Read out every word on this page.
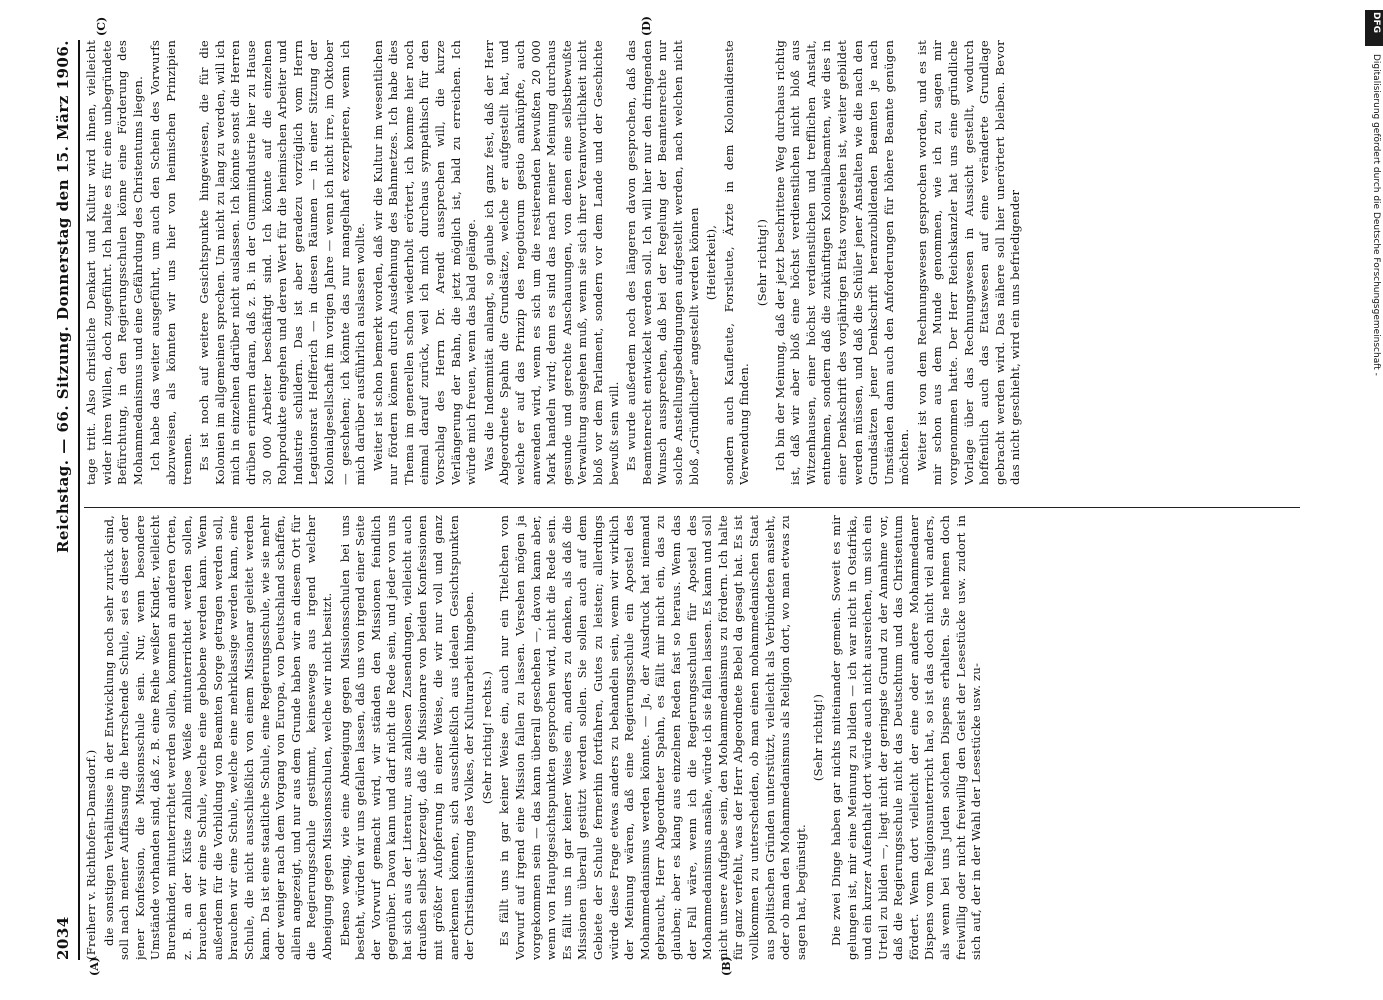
2034
Reichstag. — 66. Sitzung. Donnerstag den 15. März 1906.
(A)	(B)
(C)	(D)

(Freiherr v. Richthofen-Damsdorf.) die sonstigen Verhältnisse in der Entwicklung noch sehr zurück sind, soll nach meiner Auffassung die herrschende Schule, sei es dieser oder jener Konfession, die Missionsschule sein. Nur, wenn besondere Umstände vorhanden sind, daß z. B. eine Reihe weißer Kinder, vielleicht Burenkinder, mitunterrichtet werden sollen, kommen an anderen Orten, z. B. an der Küste zahllose Weiße mitunterrichtet werden sollen, brauchen wir eine Schule, welche eine gehobene werden kann. Wenn außerdem für die Vorbildung von Beamten Sorge getragen werden soll, brauchen wir eine Schule, welche eine mehrklassige werden kann, eine Schule, die nicht ausschließlich von einem Missionar geleitet werden kann. Da ist eine staatliche Schule, eine Regierungsschule, wie sie mehr oder weniger nach dem Vorgang von Europa, von Deutschland schaffen, allein angezeigt, und nur aus dem Grunde haben wir an diesem Ort für die Regierungsschule gestimmt, keineswegs aus irgend welcher Abneigung gegen Missionsschulen, welche wir nicht besitzt. Ebenso wenig, wie eine Abneigung gegen Missionsschulen bei uns besteht, würden wir uns gefallen lassen, daß uns von irgend einer Seite der Vorwurf gemacht wird, wir ständen den Missionen feindlich gegenüber. Davon kann und darf nicht die Rede sein, und jeder von uns hat sich aus der Literatur, aus zahllosen Zusendungen, vielleicht auch draußen selbst überzeugt, daß die Missionare von beiden Konfessionen mit größter Aufopferung in einer Weise, die wir nur voll und ganz anerkennen können, sich ausschließlich aus idealen Gesichtspunkten der Christianisierung des Volkes, der Kulturarbeit hingeben. (Sehr richtig! rechts.) Es fällt uns in gar keiner Weise ein, auch nur ein Titelchen von Vorwurf auf irgend eine Mission fallen zu lassen. Versehen mögen ja vorgekommen sein — das kann überall geschehen —, davon kann aber, wenn von Hauptgesichtspunkten gesprochen wird, nicht die Rede sein. Es fällt uns in gar keiner Weise ein, anders zu denken, als daß die Missionen überall gestützt werden sollen. Sie sollen auch auf dem Gebiete der Schule fernerhin fortfahren, Gutes zu leisten; allerdings würde diese Frage etwas anders zu behandeln sein, wenn wir wirklich der Meinung wären, daß eine Regierungsschule ein Apostel des Mohammedanismus werden könnte. — Ja, der Ausdruck hat niemand gebraucht, Herr Abgeordneter Spahn, es fällt mir nicht ein, das zu glauben; aber es klang aus einzelnen Reden fast so heraus. Wenn das der Fall wäre, wenn ich die Regierungsschulen für Apostel des Mohammedanismus ansähe, würde ich sie fallen lassen. Es kann und soll nicht unsere Aufgabe sein, den Mohammedanismus zu fördern. Ich halte für ganz verfehlt, was der Herr Abgeordnete Bebel da gesagt hat. Es ist vollkommen zu unterscheiden, ob man einen mohammedanischen Staat aus politischen Gründen unterstützt, vielleicht als Verbündeten ansieht, oder ob man den Mohammedanismus als Religion dort, wo man etwas zu sagen hat, begünstigt.

(Sehr richtig!) Die zwei Dinge haben gar nichts miteinander gemein. Soweit es mir gelungen ist, mir eine Meinung zu bilden — ich war nicht in Ostafrika, und ein kurzer Aufenthalt dort würde auch nicht ausreichen, um sich ein Urteil zu bilden —, liegt nicht der geringste Grund zu der Annahme vor, daß die Regierungsschule nicht das Deutschtum und das Christentum fördert. Wenn dort vielleicht der eine oder andere Mohammedaner Dispens vom Religionsunterricht hat, so ist das doch nicht viel anders, als wenn bei uns Juden solchen Dispens erhalten. Sie nehmen doch freiwillig oder nicht freiwillig den Geist der Lesestücke usw. zudort in sich auf, der in der Wahl der Lesestücke usw. zu-

tage tritt. Also christliche Denkart und Kultur wird ihnen, vielleicht wider ihren Willen, doch zugeführt. Ich halte es für eine unbegründete Befürchtung, in den Regierungsschulen könne eine Förderung des Mohammedanismus und eine Gefährdung des Christentums liegen. Ich habe das weiter ausgeführt, um auch den Schein des Vorwurfs abzuweisen, als könnten wir uns hier von heimischen Prinzipien trennen. Es ist noch auf weitere Gesichtspunkte hingewiesen, die für die Kolonien im allgemeinen sprechen. Um nicht zu lang zu werden, will ich mich in einzelnen darüber nicht auslassen. Ich könnte sonst die Herren drüben erinnern daran, daß z. B. in der Gummiindustrie hier zu Hause 30 000 Arbeiter beschäftigt sind. Ich könnte auf die einzelnen Rohprodukte eingehen und deren Wert für die heimischen Arbeiter und Industrie schildern. Das ist aber geradezu vorzüglich vom Herrn Legationsrat Helfferich — in diesen Räumen — in einer Sitzung der Kolonialgesellschaft im vorigen Jahre — wenn ich nicht irre, im Oktober — geschehen; ich könnte das nur mangelhaft exzerpieren, wenn ich mich darüber ausführlich auslassen wollte. Weiter ist schon bemerkt worden, daß wir die Kultur im wesentlichen nur fördern können durch Ausdehnung des Bahnnetzes. Ich habe dies Thema im generellen schon wiederholt erörtert, ich komme hier noch einmal darauf zurück, weil ich mich durchaus sympathisch für den Vorschlag des Herrn Dr. Arendt aussprechen will, die kurze Verlängerung der Bahn, die jetzt möglich ist, bald zu erreichen. Ich würde mich freuen, wenn das bald gelänge. Was die Indemnität anlangt, so glaube ich ganz fest, daß der Herr Abgeordnete Spahn die Grundsätze, welche er aufgestellt hat, und welche er auf das Prinzip des negotiorum gestio anknüpfte, auch anwenden wird, wenn es sich um die restierenden bewußten 20 000 Mark handeln wird; denn es sind das nach meiner Meinung durchaus gesunde und gerechte Anschauungen, von denen eine selbstbewußte Verwaltung ausgehen muß, wenn sie sich ihrer Verantwortlichkeit nicht bloß vor dem Parlament, sondern vor dem Lande und der Geschichte bewußt sein will. Es wurde außerdem noch des längeren davon gesprochen, daß das Beamtenrecht entwickelt werden soll. Ich will hier nur den dringenden Wunsch aussprechen, daß bei der Regelung der Beamtenrechte nur solche Anstellungsbedingungen aufgestellt werden, nach welchen nicht bloß „Gründlicher“ angestellt werden können (Heiterkeit), sondern auch Kaufleute, Forstleute, Ärzte in dem Kolonialdienste Verwendung finden.

(Sehr richtig!) Ich bin der Meinung, daß der jetzt beschrittene Weg durchaus richtig ist, daß wir aber bloß eine höchst verdienstlichen nicht bloß aus Witzenhausen, einer höchst verdienstlichen und trefflichen Anstalt, entnehmen, sondern daß die zukünftigen Kolonialbeamten, wie dies in einer Denkschrift des vorjährigen Etats vorgesehen ist, weiter gebildet werden müssen, und daß die Schüler jener Anstalten wie die nach den Grundsätzen jener Denkschrift heranzubildenden Beamten je nach Umständen dann auch den Anforderungen für höhere Beamte genügen möchten. Weiter ist von dem Rechnungswesen gesprochen worden, und es ist mir schon aus dem Munde genommen, wie ich zu sagen mir vorgenommen hatte. Der Herr Reichskanzler hat uns eine gründliche Vorlage über das Rechnungswesen in Aussicht gestellt, wodurch hoffentlich auch das Etatswesen auf eine veränderte Grundlage gebracht werden wird. Das nähere soll hier unerörtert bleiben. Bevor das nicht geschieht, wird ein uns befriedigender

DFG
Digitalisierung gefördert durch die Deutsche Forschungsgemeinschaft -
